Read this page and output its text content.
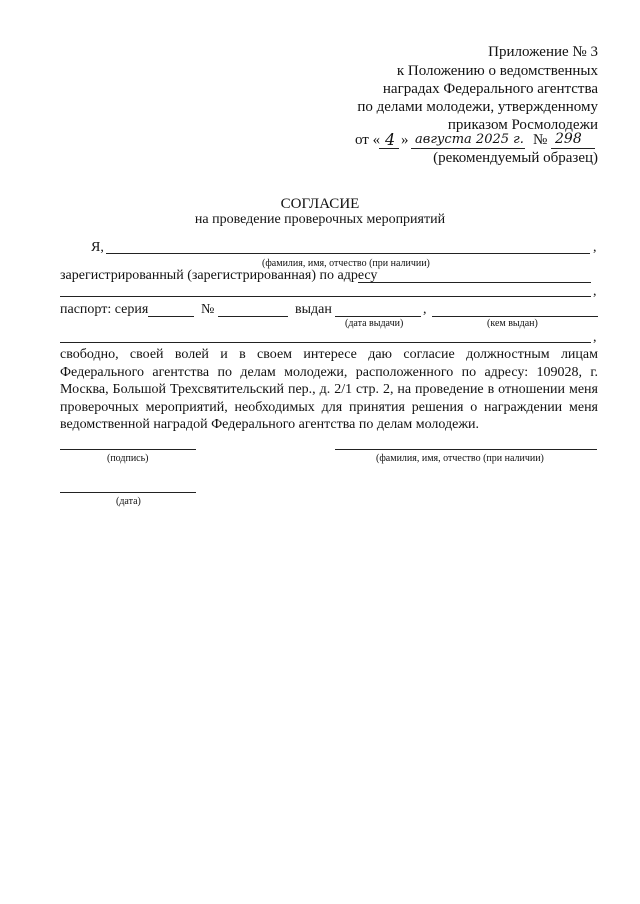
Приложение № 3
к Положению о ведомственных
наградах Федерального агентства
по делами молодежи, утвержденному
приказом Росмолодежи
от « 4 » августа 2025 г. № 298
(рекомендуемый образец)
СОГЛАСИЕ
на проведение проверочных мероприятий
Я,	,
(фамилия, имя, отчество (при наличии)
зарегистрированный (зарегистрированная) по адресу
,
паспорт: серия	№	выдан	,
(дата выдачи)	(кем выдан)
,
свободно, своей волей и в своем интересе даю согласие должностным лицам Федерального агентства по делам молодежи, расположенного по адресу: 109028, г. Москва, Большой Трехсвятительский пер., д. 2/1 стр. 2, на проведение в отношении меня проверочных мероприятий, необходимых для принятия решения о награждении меня ведомственной наградой Федерального агентства по делам молодежи.
(подпись)	(фамилия, имя, отчество (при наличии)
(дата)
